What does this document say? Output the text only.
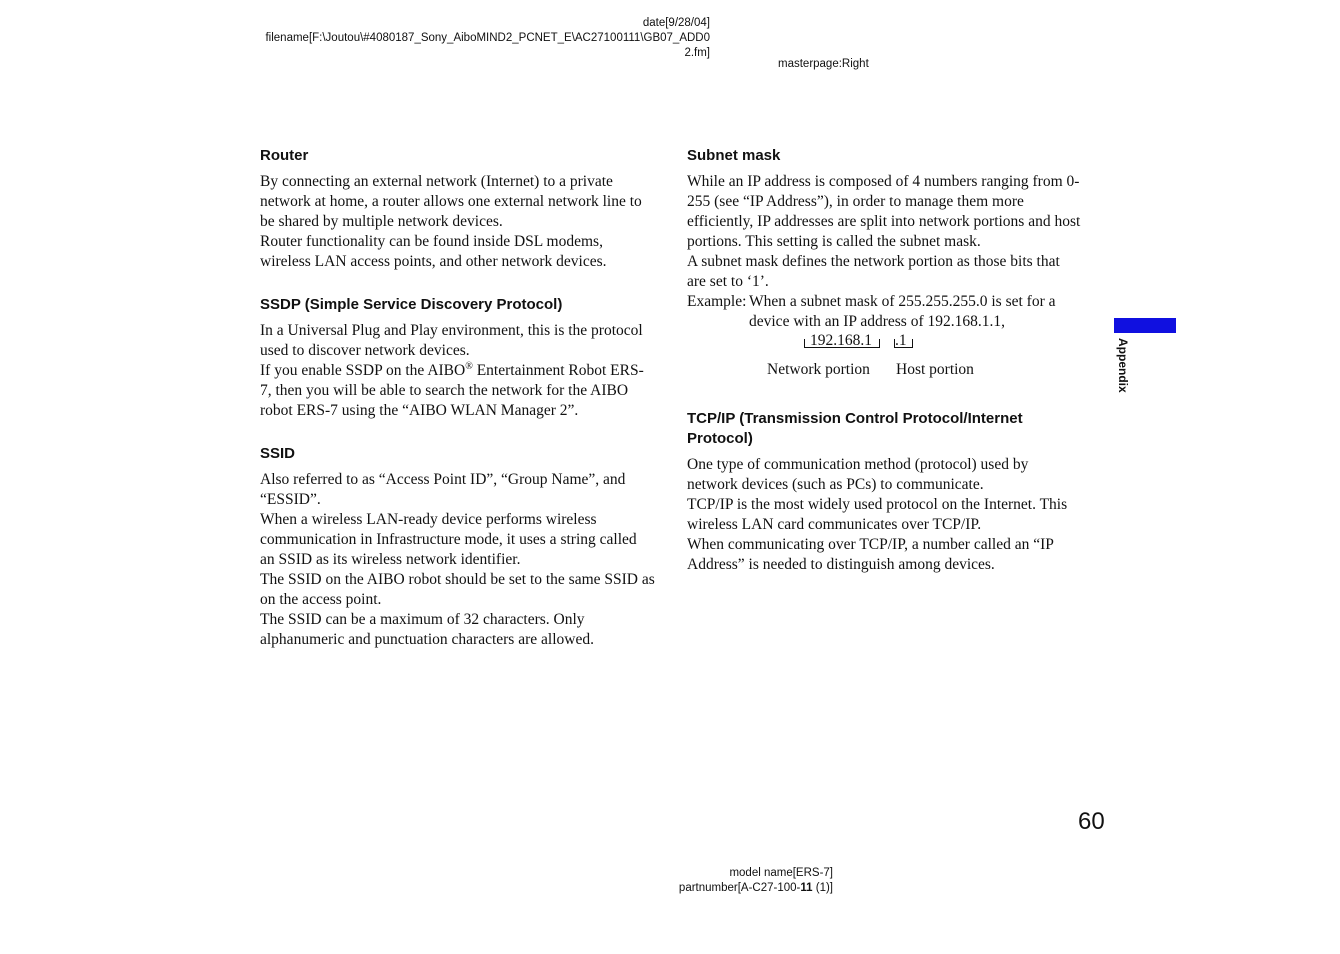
date[9/28/04]
filename[F:\Joutou\#4080187_Sony_AiboMIND2_PCNET_E\AC27100111\GB07_ADD0
2.fm]
masterpage:Right
Router

By connecting an external network (Internet) to a private network at home, a router allows one external network line to be shared by multiple network devices.

Router functionality can be found inside DSL modems, wireless LAN access points, and other network devices.

SSDP (Simple Service Discovery Protocol)

In a Universal Plug and Play environment, this is the protocol used to discover network devices.

If you enable SSDP on the AIBO® Entertainment Robot ERS-7, then you will be able to search the network for the AIBO robot ERS-7 using the “AIBO WLAN Manager 2”.

SSID

Also referred to as “Access Point ID”, “Group Name”, and “ESSID”.

When a wireless LAN-ready device performs wireless communication in Infrastructure mode, it uses a string called an SSID as its wireless network identifier.

The SSID on the AIBO robot should be set to the same SSID as on the access point.

The SSID can be a maximum of 32 characters. Only alphanumeric and punctuation characters are allowed.

Subnet mask

While an IP address is composed of 4 numbers ranging from 0-255 (see “IP Address”), in order to manage them more efficiently, IP addresses are split into network portions and host portions. This setting is called the subnet mask.

A subnet mask defines the network portion as those bits that are set to ‘1’.

Example: When a subnet mask of 255.255.255.0 is set for a device with an IP address of 192.168.1.1,
192.168.1 .1
Network portion Host portion
TCP/IP (Transmission Control Protocol/Internet Protocol)

One type of communication method (protocol) used by network devices (such as PCs) to communicate.

TCP/IP is the most widely used protocol on the Internet. This wireless LAN card communicates over TCP/IP.

When communicating over TCP/IP, a number called an “IP Address” is needed to distinguish among devices.

Appendix
60
model name[ERS-7]
partnumber[A-C27-100-11 (1)]
